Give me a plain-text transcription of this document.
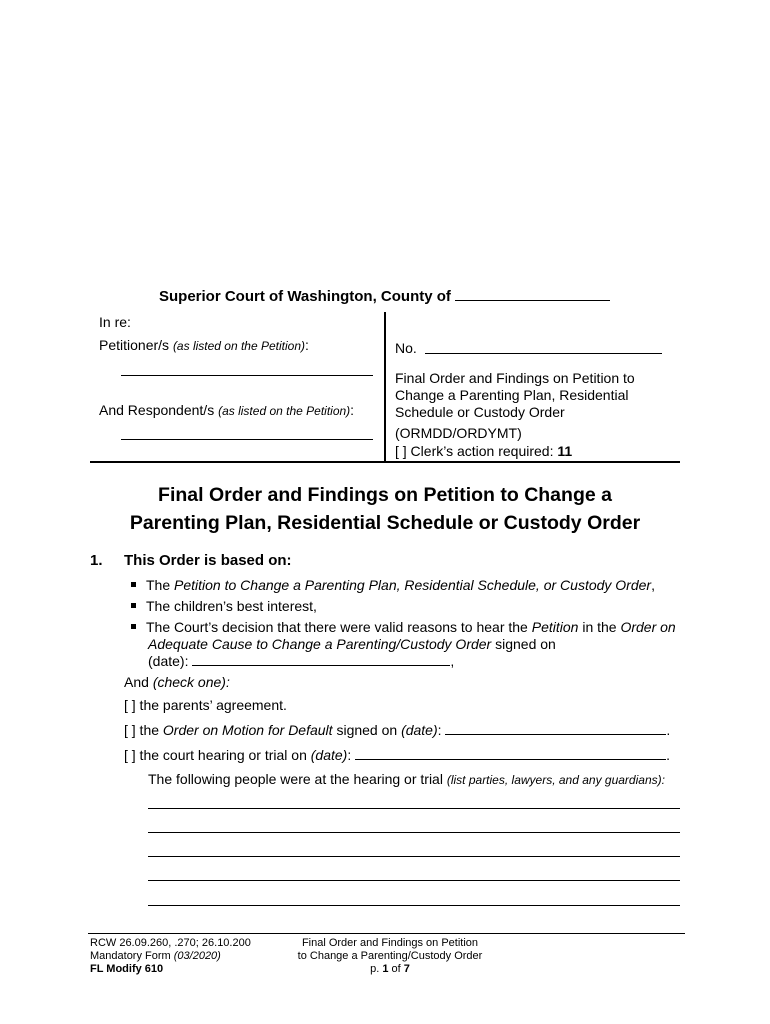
Superior Court of Washington, County of
In re:
Petitioner/s (as listed on the Petition):
And Respondent/s (as listed on the Petition):
No.
Final Order and Findings on Petition to
Change a Parenting Plan, Residential
Schedule or Custody Order
(ORMDD/ORDYMT)
[ ] Clerk’s action required: 11
Final Order and Findings on Petition to Change a
Parenting Plan, Residential Schedule or Custody Order
1. This Order is based on:
The Petition to Change a Parenting Plan, Residential Schedule, or Custody Order,
The children’s best interest,
The Court’s decision that there were valid reasons to hear the Petition in the Order on
Adequate Cause to Change a Parenting/Custody Order signed on
(date):	,
And (check one):
[ ] the parents’ agreement.
[ ] the Order on Motion for Default signed on (date):	.
[ ] the court hearing or trial on (date):	.
The following people were at the hearing or trial (list parties, lawyers, and any guardians):
RCW 26.09.260, .270; 26.10.200
Mandatory Form (03/2020)
FL Modify 610
Final Order and Findings on Petition
to Change a Parenting/Custody Order
p. 1 of 7
